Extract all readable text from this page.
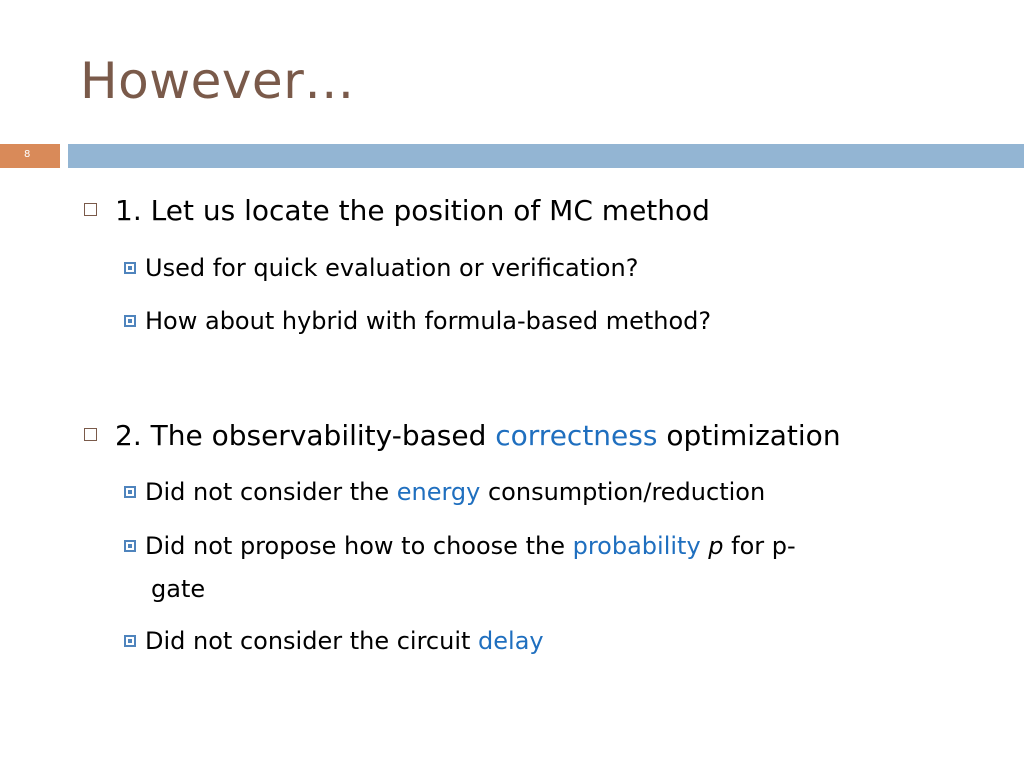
However…
8
1. Let us locate the position of MC method
Used for quick evaluation or verification?
How about hybrid with formula-based method?
2. The observability-based correctness optimization
Did not consider the energy consumption/reduction
Did not propose how to choose the probability p for p-
gate
Did not consider the circuit delay
